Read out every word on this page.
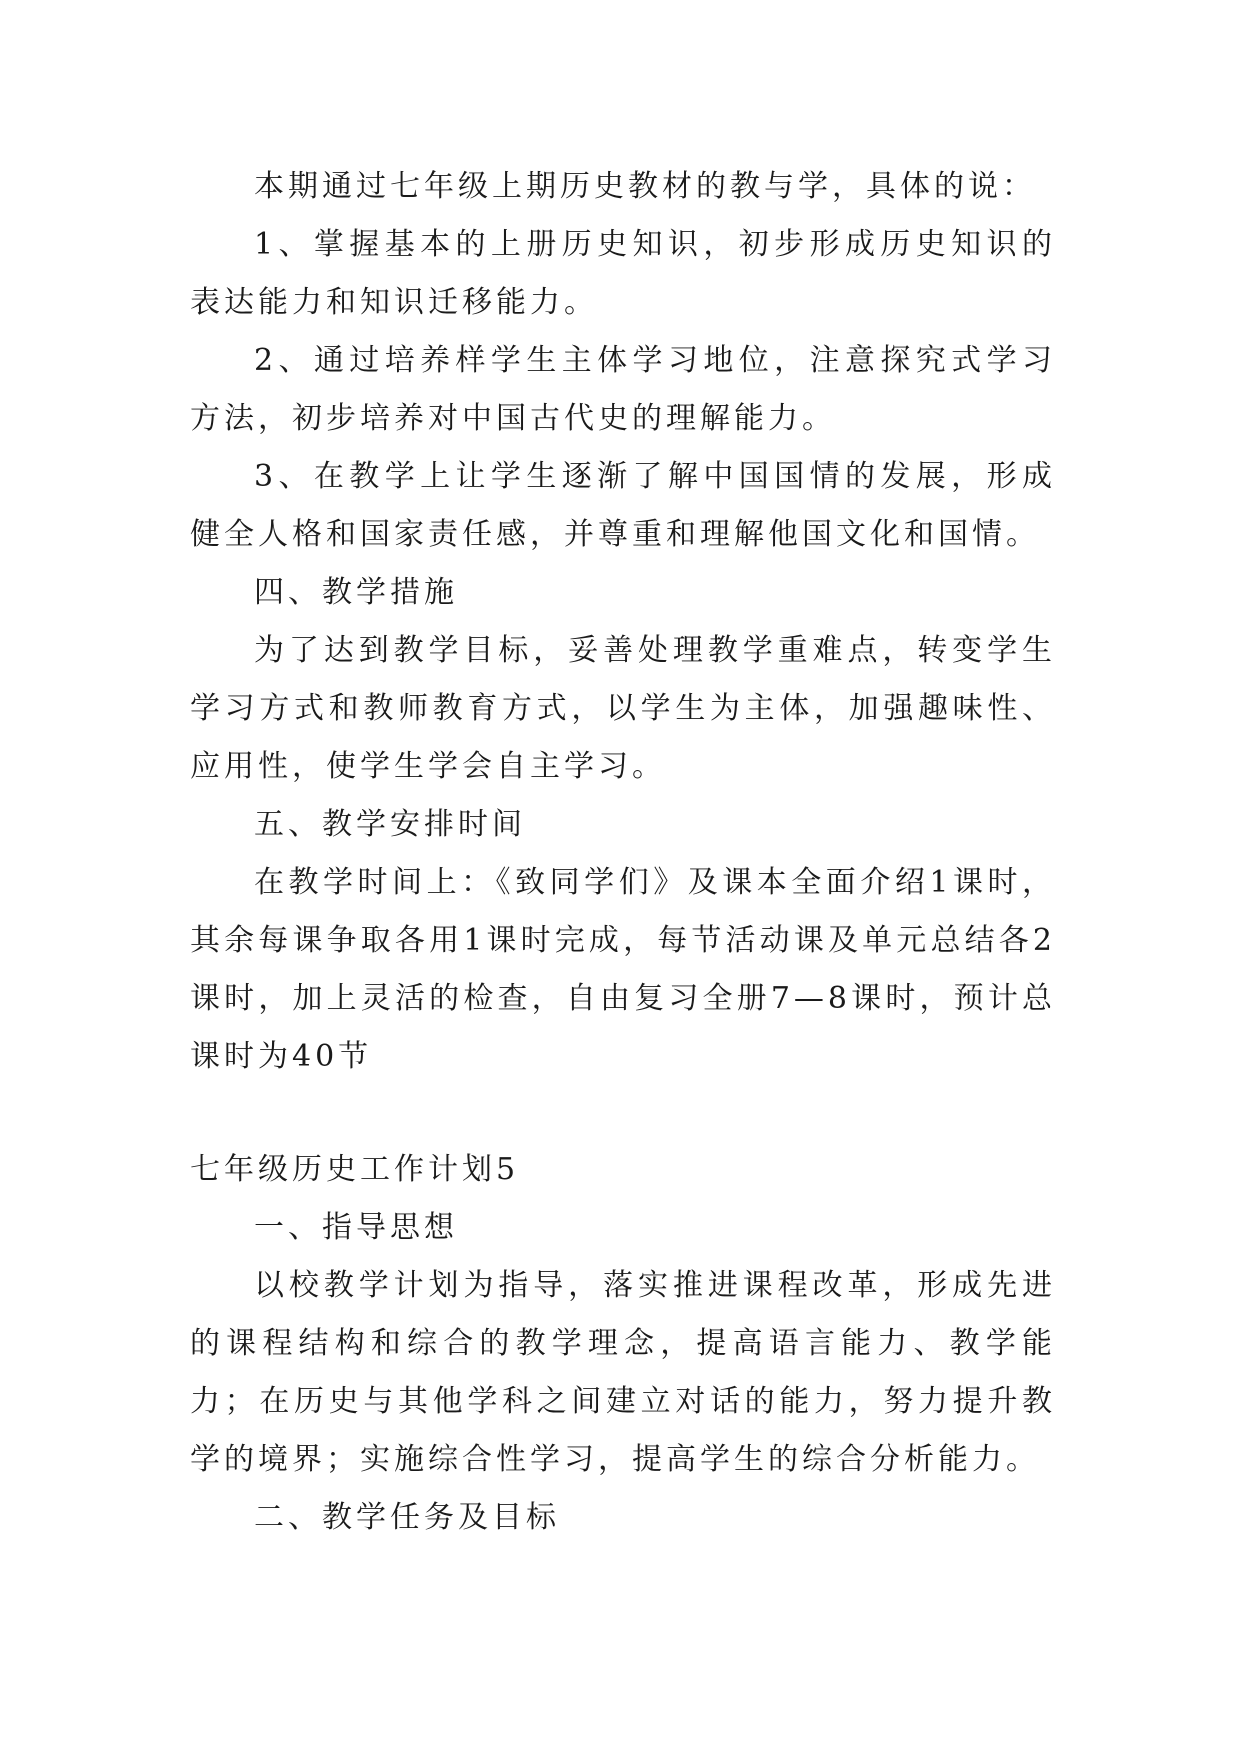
本期通过七年级上期历史教材的教与学，具体的说：

1、掌握基本的上册历史知识，初步形成历史知识的表达能力和知识迁移能力。

2、通过培养样学生主体学习地位，注意探究式学习方法，初步培养对中国古代史的理解能力。

3、在教学上让学生逐渐了解中国国情的发展，形成健全人格和国家责任感，并尊重和理解他国文化和国情。

四、教学措施

为了达到教学目标，妥善处理教学重难点，转变学生学习方式和教师教育方式，以学生为主体，加强趣味性、应用性，使学生学会自主学习。

五、教学安排时间

在教学时间上：《致同学们》及课本全面介绍1课时，其余每课争取各用1课时完成，每节活动课及单元总结各2课时，加上灵活的检查，自由复习全册7—8课时，预计总课时为40节

七年级历史工作计划5

一、指导思想

以校教学计划为指导，落实推进课程改革，形成先进的课程结构和综合的教学理念，提高语言能力、教学能力；在历史与其他学科之间建立对话的能力，努力提升教学的境界；实施综合性学习，提高学生的综合分析能力。

二、教学任务及目标
